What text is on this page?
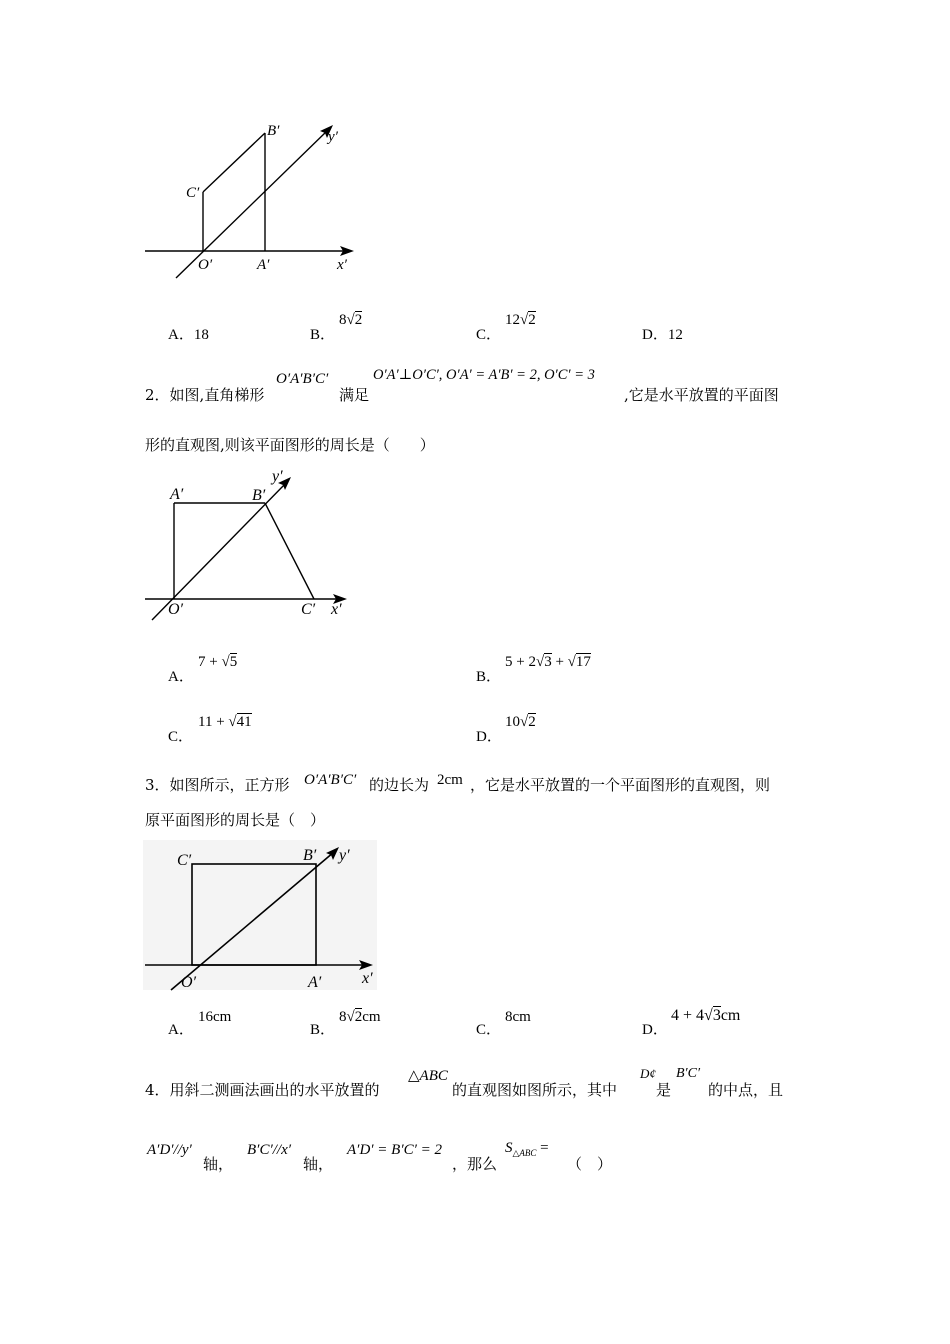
B′
C′
O′	A′	x′
y′
A．18	B．
8√2
C．
12√2
D．12
2．如图,直角梯形
O′A′B′C′
满足
O′A′⊥O′C′, O′A′ = A′B′ = 2, O′C′ = 3
,它是水平放置的平面图
形的直观图,则该平面图形的周长是（　　）
A′	B′
O′	C′ x′
y′
A．
7 + √5
B．
5 + 2√3 + √17
C．
11 + √41
D．
10√2
3．如图所示，正方形 O′A′B′C′ 的边长为 2cm ，它是水平放置的一个平面图形的直观图，则
原平面图形的周长是（　）
C′	B′
O′	A′	x′
y′
A．
16cm
B．
8√2cm
C．
8cm
D．
4 + 4√3cm
4．用斜二测画法画出的水平放置的
△ABC
的直观图如图所示，其中
D¢
是
B′C′
的中点，且
A′D′//y′
轴，
B′C′//x′
轴，
A′D′ = B′C′ = 2
，那么
$S_{\triangle ABC}$ =
（　）
